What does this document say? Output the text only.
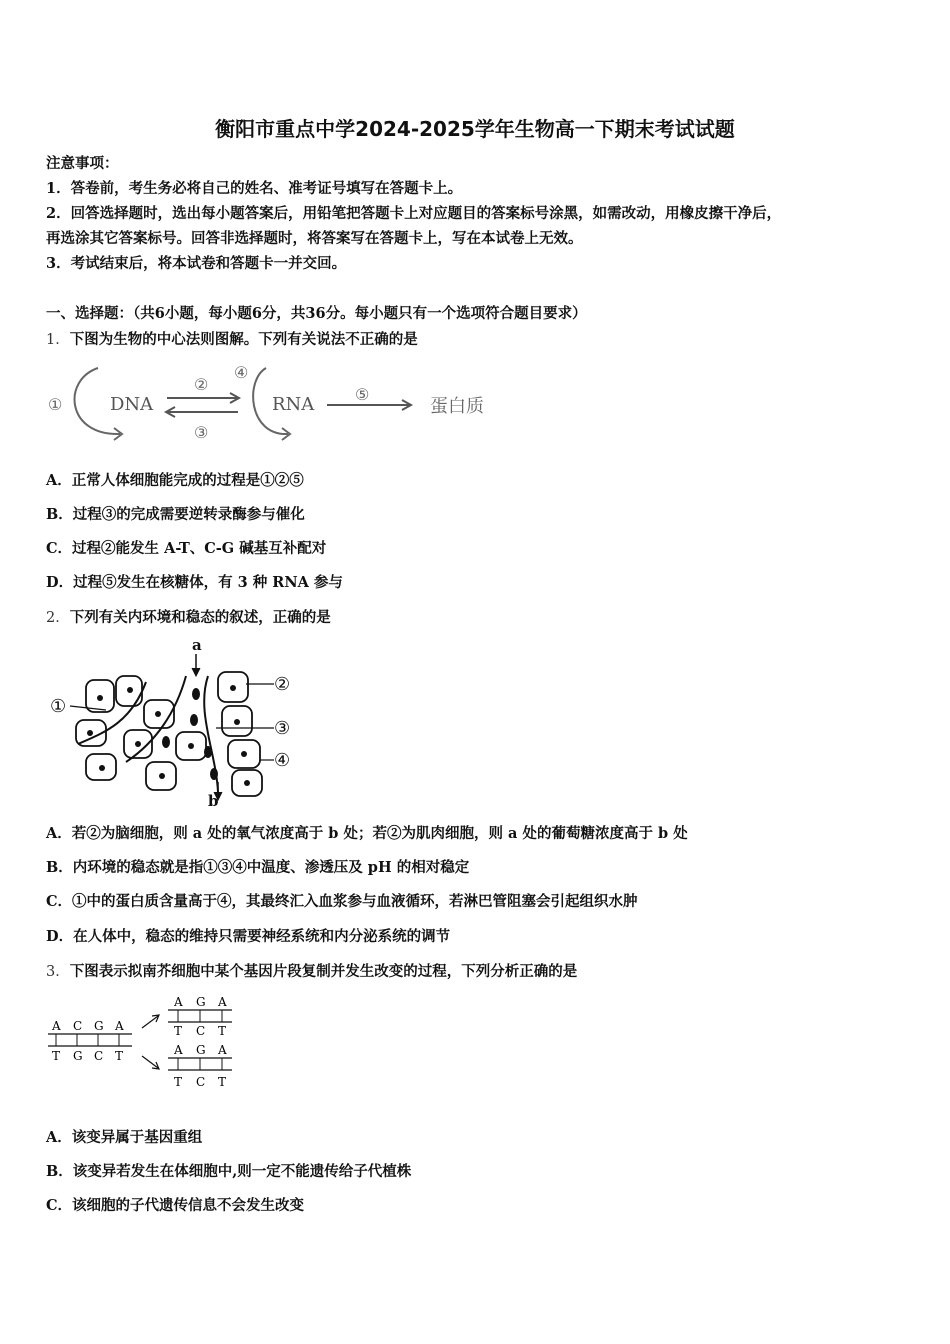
衡阳市重点中学2024-2025学年生物高一下期末考试试题
注意事项：
1．答卷前，考生务必将自己的姓名、准考证号填写在答题卡上。
2．回答选择题时，选出每小题答案后，用铅笔把答题卡上对应题目的答案标号涂黑，如需改动，用橡皮擦干净后，
再选涂其它答案标号。回答非选择题时，将答案写在答题卡上，写在本试卷上无效。
3．考试结束后，将本试卷和答题卡一并交回。
一、选择题：（共6小题，每小题6分，共36分。每小题只有一个选项符合题目要求）
1．下图为生物的中心法则图解。下列有关说法不正确的是
①	DNA
②
③
④
RNA	⑤
蛋白质
A．正常人体细胞能完成的过程是①②⑤
B．过程③的完成需要逆转录酶参与催化
C．过程②能发生 A-T、C-G 碱基互补配对
D．过程⑤发生在核糖体，有 3 种 RNA 参与
2．下列有关内环境和稳态的叙述，正确的是
a
①
②
③
④
b
A．若②为脑细胞，则 a 处的氧气浓度高于 b 处；若②为肌肉细胞，则 a 处的葡萄糖浓度高于 b 处
B．内环境的稳态就是指①③④中温度、渗透压及 pH 的相对稳定
C．①中的蛋白质含量高于④，其最终汇入血浆参与血液循环，若淋巴管阻塞会引起组织水肿
D．在人体中，稳态的维持只需要神经系统和内分泌系统的调节
3．下图表示拟南芥细胞中某个基因片段复制并发生改变的过程，下列分析正确的是
A C G A
T G C T
A G A
T C T
A G A
T C T
A．该变异属于基因重组
B．该变异若发生在体细胞中,则一定不能遗传给子代植株
C．该细胞的子代遗传信息不会发生改变
